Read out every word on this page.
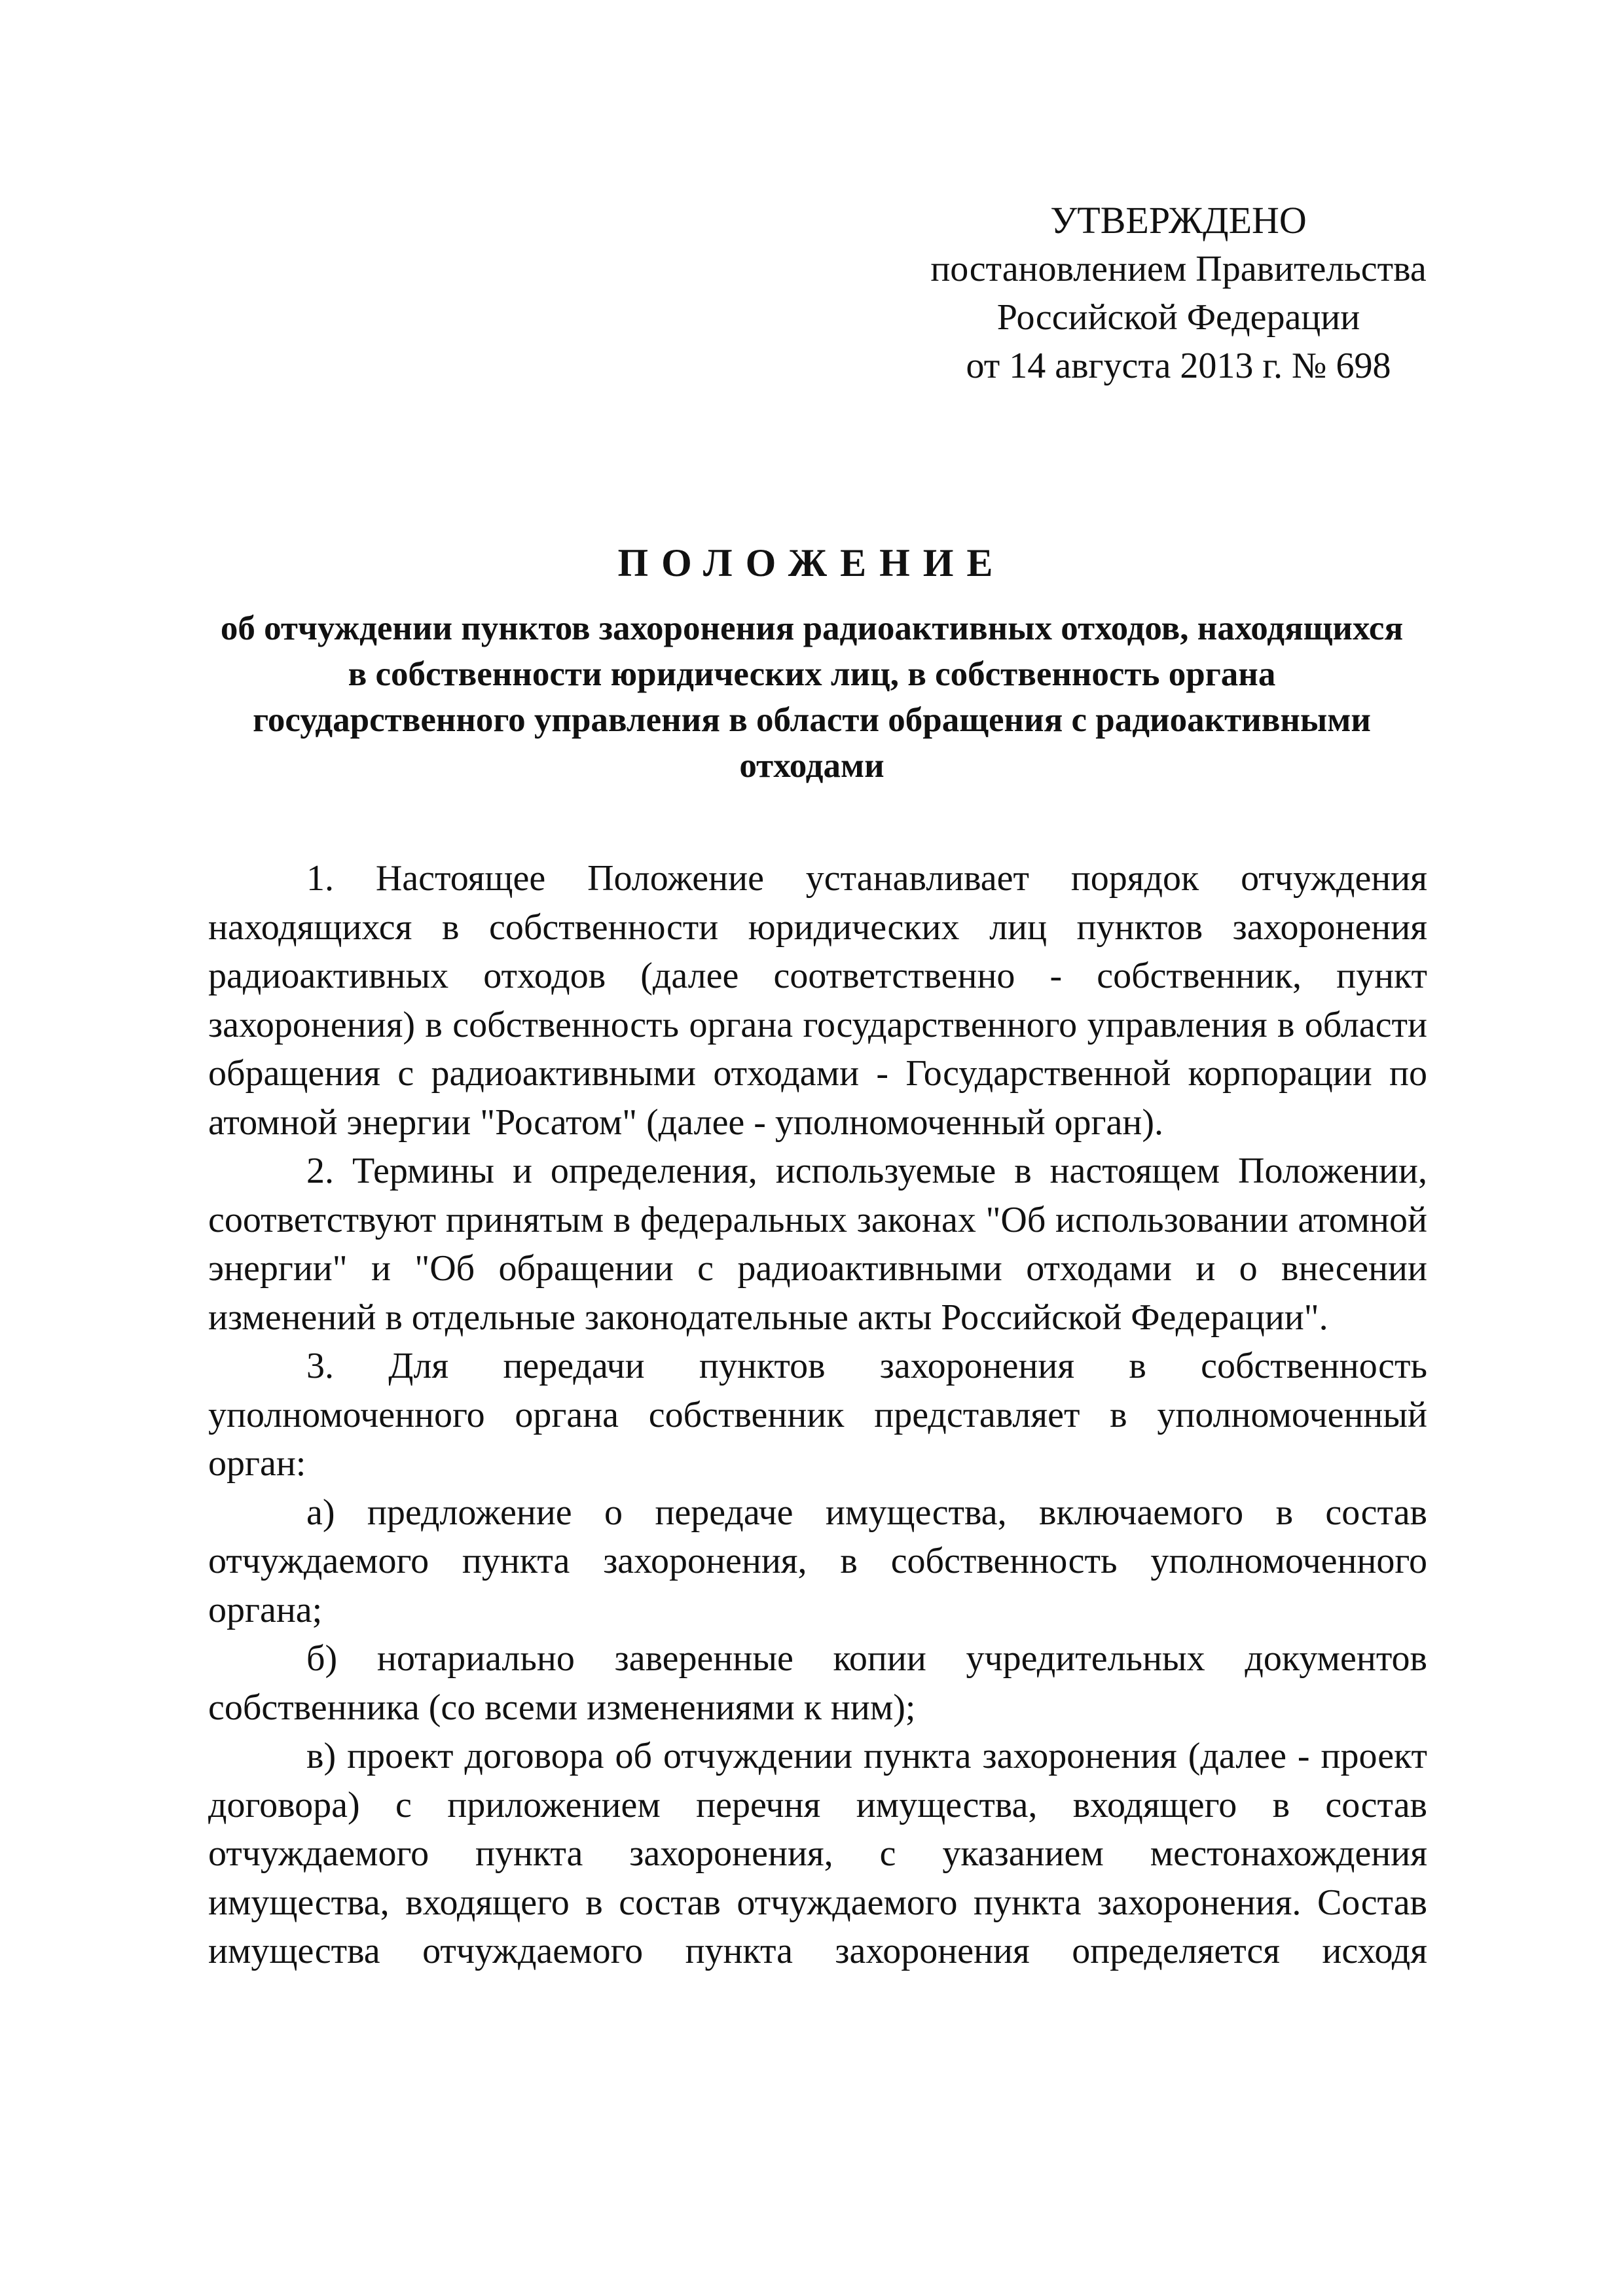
УТВЕРЖДЕНО
постановлением Правительства
Российской Федерации
от 14 августа 2013 г. № 698
ПОЛОЖЕНИЕ
об отчуждении пунктов захоронения радиоактивных отходов, находящихся в собственности юридических лиц, в собственность органа государственного управления в области обращения с радиоактивными отходами

1. Настоящее Положение устанавливает порядок отчуждения находящихся в собственности юридических лиц пунктов захоронения радиоактивных отходов (далее соответственно - собственник, пункт захоронения) в собственность органа государственного управления в области обращения с радиоактивными отходами - Государственной корпорации по атомной энергии "Росатом" (далее - уполномоченный орган).

2. Термины и определения, используемые в настоящем Положении, соответствуют принятым в федеральных законах "Об использовании атомной энергии" и "Об обращении с радиоактивными отходами и о внесении изменений в отдельные законодательные акты Российской Федерации".

3. Для передачи пунктов захоронения в собственность уполномоченного органа собственник представляет в уполномоченный орган:

а) предложение о передаче имущества, включаемого в состав отчуждаемого пункта захоронения, в собственность уполномоченного органа;

б) нотариально заверенные копии учредительных документов собственника (со всеми изменениями к ним);

в) проект договора об отчуждении пункта захоронения (далее - проект договора) с приложением перечня имущества, входящего в состав отчуждаемого пункта захоронения, с указанием местонахождения имущества, входящего в состав отчуждаемого пункта захоронения. Состав имущества отчуждаемого пункта захоронения определяется исходя
